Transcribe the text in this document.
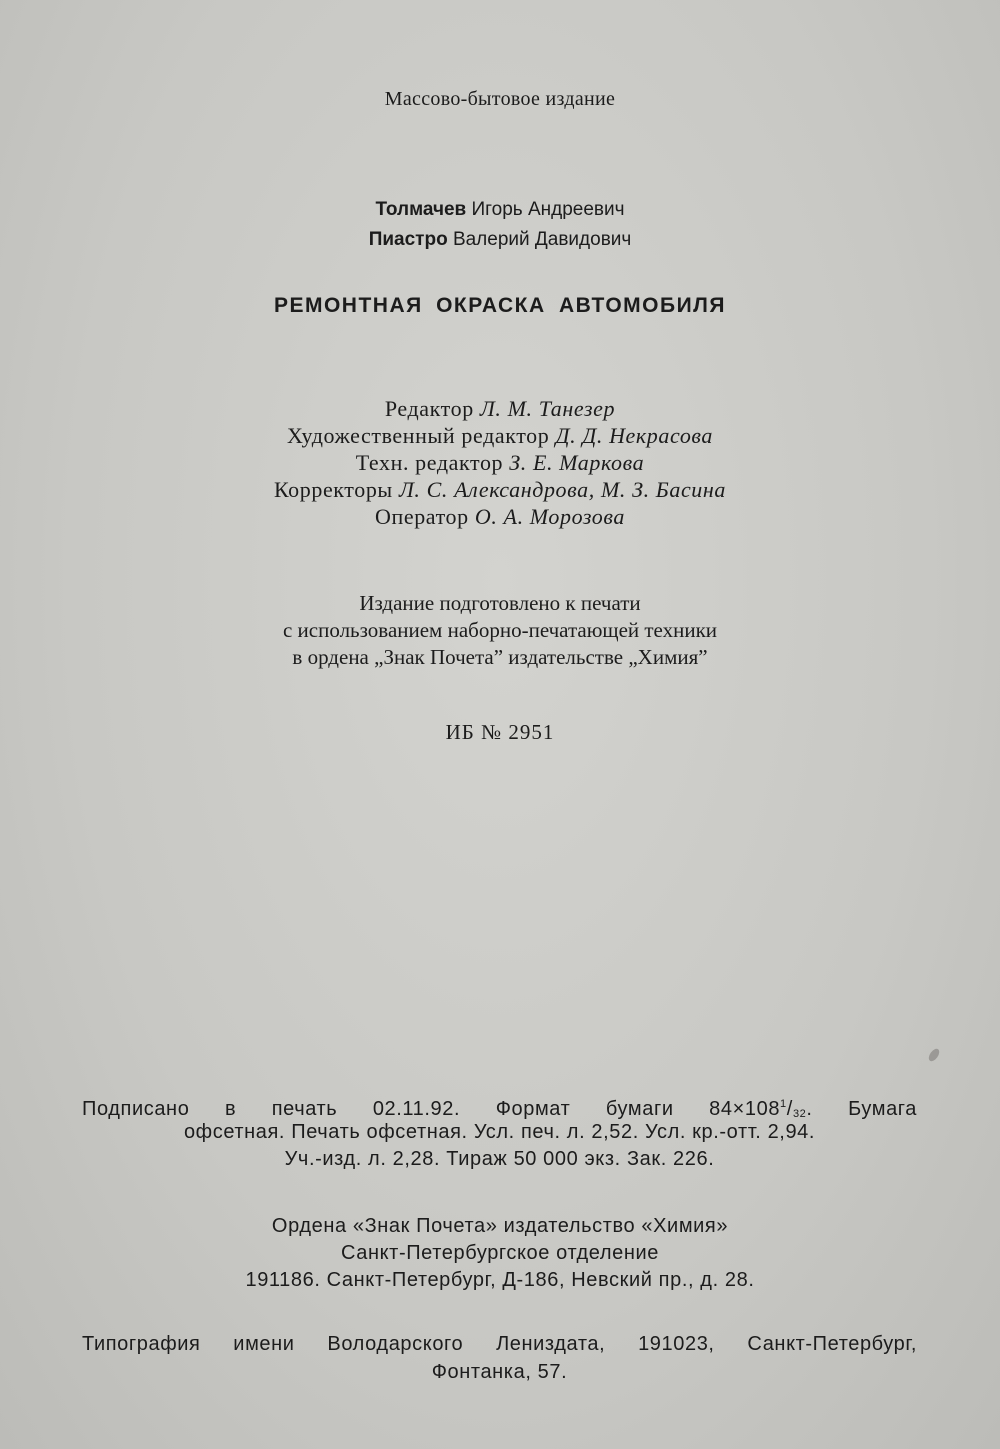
Массово-бытовое издание
Толмачев Игорь Андреевич
Пиастро Валерий Давидович
РЕМОНТНАЯ ОКРАСКА АВТОМОБИЛЯ
Редактор Л. М. Танезер
Художественный редактор Д. Д. Некрасова
Техн. редактор З. Е. Маркова
Корректоры Л. С. Александрова, М. З. Басина
Оператор О. А. Морозова
Издание подготовлено к печати
с использованием наборно-печатающей техники
в ордена „Знак Почета” издательстве „Химия”
ИБ № 2951
Подписано в печать 02.11.92. Формат бумаги $84\times 108^1/_{32}$. Бумага
офсетная. Печать офсетная. Усл. печ. л. 2,52. Усл. кр.-отт. 2,94.
Уч.-изд. л. 2,28. Тираж 50 000 экз. Зак. 226.
Ордена «Знак Почета» издательство «Химия»
Санкт-Петербургское отделение
191186. Санкт-Петербург, Д-186, Невский пр., д. 28.
Типография имени Володарского Лениздата, 191023, Санкт-Петербург,
Фонтанка, 57.
